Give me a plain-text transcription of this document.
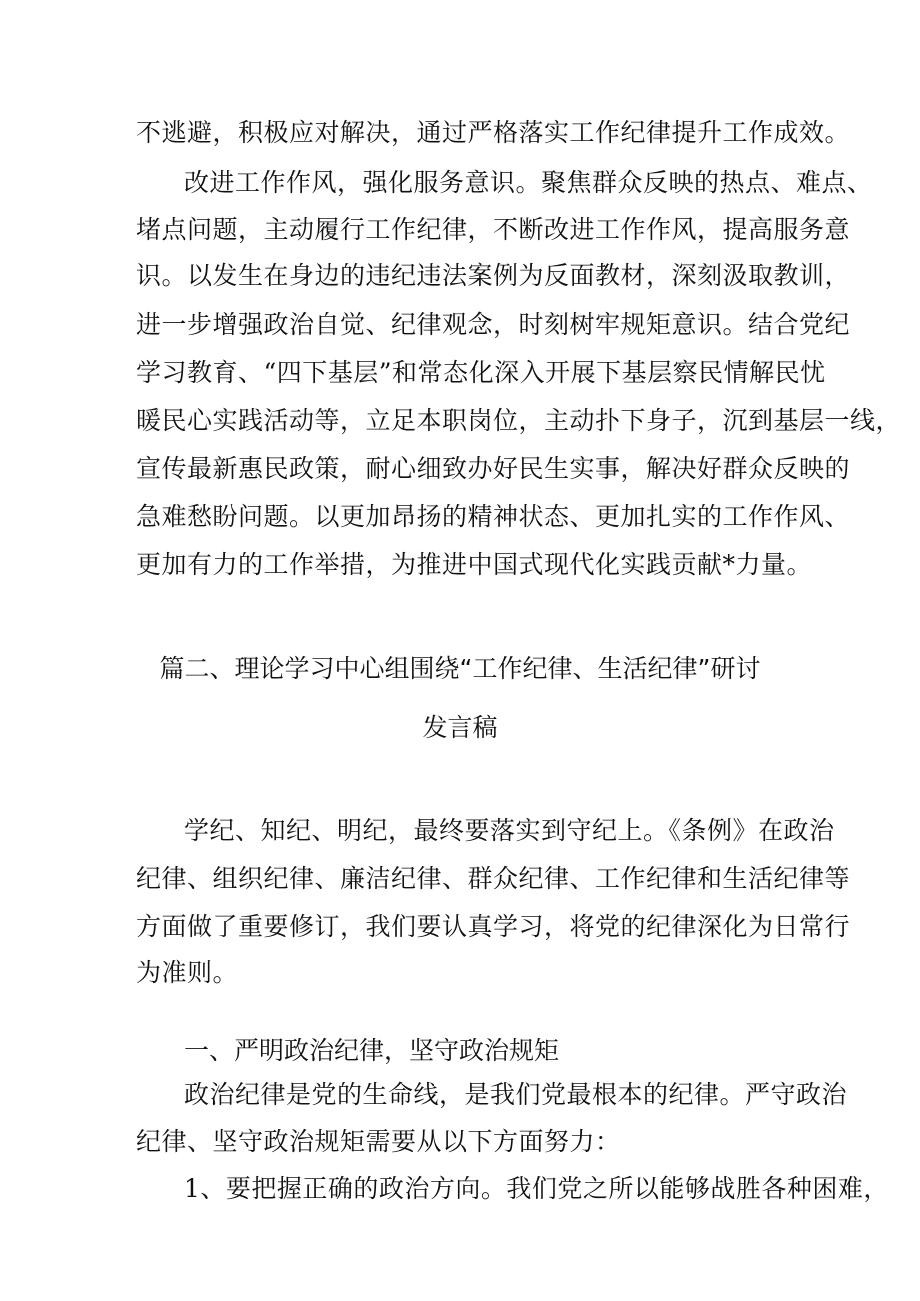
不逃避，积极应对解决，通过严格落实工作纪律提升工作成效。
改进工作作风，强化服务意识。聚焦群众反映的热点、难点、
堵点问题，主动履行工作纪律，不断改进工作作风，提高服务意
识。以发生在身边的违纪违法案例为反面教材，深刻汲取教训，
进一步增强政治自觉、纪律观念，时刻树牢规矩意识。结合党纪
学习教育、“四下基层”和常态化深入开展下基层察民情解民忧
暖民心实践活动等，立足本职岗位，主动扑下身子，沉到基层一线，
宣传最新惠民政策，耐心细致办好民生实事，解决好群众反映的
急难愁盼问题。以更加昂扬的精神状态、更加扎实的工作作风、
更加有力的工作举措，为推进中国式现代化实践贡献*力量。
篇二、理论学习中心组围绕“工作纪律、生活纪律”研讨
发言稿
学纪、知纪、明纪，最终要落实到守纪上。《条例》在政治
纪律、组织纪律、廉洁纪律、群众纪律、工作纪律和生活纪律等
方面做了重要修订，我们要认真学习，将党的纪律深化为日常行
为准则。
一、严明政治纪律，坚守政治规矩
政治纪律是党的生命线，是我们党最根本的纪律。严守政治
纪律、坚守政治规矩需要从以下方面努力：
1、要把握正确的政治方向。我们党之所以能够战胜各种困难，
